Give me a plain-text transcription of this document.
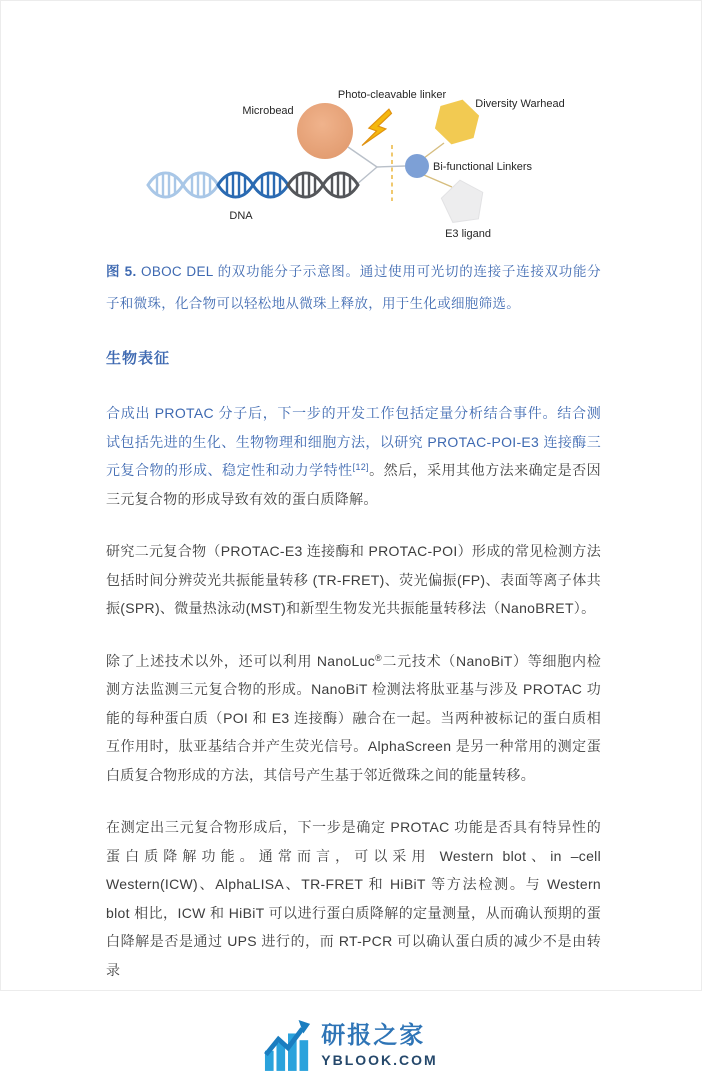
Microbead
Photo-cleavable linker
Diversity Warhead
Bi-functional Linkers
E3 ligand
DNA

图 5. OBOC DEL 的双功能分子示意图。通过使用可光切的连接子连接双功能分子和微珠，化合物可以轻松地从微珠上释放，用于生化或细胞筛选。

生物表征

合成出 PROTAC 分子后，下一步的开发工作包括定量分析结合事件。结合测试包括先进的生化、生物物理和细胞方法，以研究 PROTAC-POI-E3 连接酶三元复合物的形成、稳定性和动力学特性[12]。然后，采用其他方法来确定是否因三元复合物的形成导致有效的蛋白质降解。

研究二元复合物（PROTAC-E3 连接酶和 PROTAC-POI）形成的常见检测方法包括时间分辨荧光共振能量转移 (TR-FRET)、荧光偏振(FP)、表面等离子体共振(SPR)、微量热泳动(MST)和新型生物发光共振能量转移法（NanoBRET）。

除了上述技术以外，还可以利用 NanoLuc®二元技术（NanoBiT）等细胞内检测方法监测三元复合物的形成。NanoBiT 检测法将肽亚基与涉及 PROTAC 功能的每种蛋白质（POI 和 E3 连接酶）融合在一起。当两种被标记的蛋白质相互作用时，肽亚基结合并产生荧光信号。AlphaScreen 是另一种常用的测定蛋白质复合物形成的方法，其信号产生基于邻近微珠之间的能量转移。

在测定出三元复合物形成后，下一步是确定 PROTAC 功能是否具有特异性的蛋白质降解功能。通常而言，可以采用 Western blot、in –cell Western(ICW)、AlphaLISA、TR-FRET 和 HiBiT 等方法检测。与 Western blot 相比，ICW 和 HiBiT 可以进行蛋白质降解的定量测量，从而确认预期的蛋白降解是否是通过 UPS 进行的，而 RT-PCR 可以确认蛋白质的减少不是由转录

研报之家
YBLOOK.COM
